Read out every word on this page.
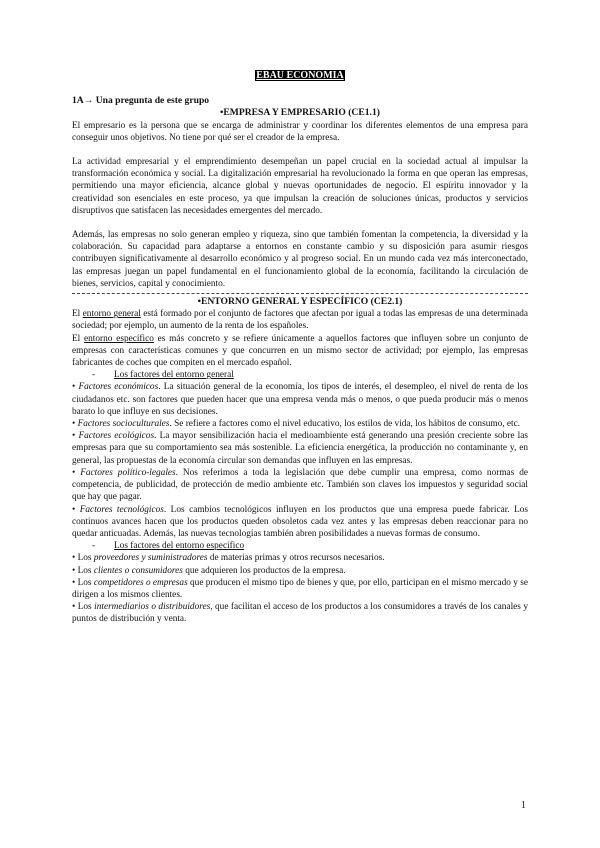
EBAU ECONOMIA
1A→ Una pregunta de este grupo
•EMPRESA Y EMPRESARIO (CE1.1)

El empresario es la persona que se encarga de administrar y coordinar los diferentes elementos de una empresa para conseguir unos objetivos. No tiene por qué ser el creador de la empresa.

La actividad empresarial y el emprendimiento desempeñan un papel crucial en la sociedad actual al impulsar la transformación económica y social. La digitalización empresarial ha revolucionado la forma en que operan las empresas, permitiendo una mayor eficiencia, alcance global y nuevas oportunidades de negocio. El espíritu innovador y la creatividad son esenciales en este proceso, ya que impulsan la creación de soluciones únicas, productos y servicios disruptivos que satisfacen las necesidades emergentes del mercado.

Además, las empresas no solo generan empleo y riqueza, sino que también fomentan la competencia, la diversidad y la colaboración. Su capacidad para adaptarse a entornos en constante cambio y su disposición para asumir riesgos contribuyen significativamente al desarrollo económico y al progreso social. En un mundo cada vez más interconectado, las empresas juegan un papel fundamental en el funcionamiento global de la economía, facilitando la circulación de bienes, servicios, capital y conocimiento.

•ENTORNO GENERAL Y ESPECÍFICO (CE2.1)

El entorno general está formado por el conjunto de factores que afectan por igual a todas las empresas de una determinada sociedad; por ejemplo, un aumento de la renta de los españoles.

El entorno específico es más concreto y se refiere únicamente a aquellos factores que influyen sobre un conjunto de empresas con características comunes y que concurren en un mismo sector de actividad; por ejemplo, las empresas fabricantes de coches que compiten en el mercado español.

- Los factores del entorno general

• Factores económicos. La situación general de la economía, los tipos de interés, el desempleo, el nivel de renta de los ciudadanos etc. son factores que pueden hacer que una empresa venda más o menos, o que pueda producir más o menos barato lo que influye en sus decisiones.

• Factores socioculturales. Se refiere a factores como el nivel educativo, los estilos de vida, los hábitos de consumo, etc.

• Factores ecológicos. La mayor sensibilización hacia el medioambiente está generando una presión creciente sobre las empresas para que su comportamiento sea más sostenible. La eficiencia energética, la producción no contaminante y, en general, las propuestas de la economía circular son demandas que influyen en las empresas.

• Factores político-legales. Nos referimos a toda la legislación que debe cumplir una empresa, como normas de competencia, de publicidad, de protección de medio ambiente etc. También son claves los impuestos y seguridad social que hay que pagar.

• Factores tecnológicos. Los cambios tecnológicos influyen en los productos que una empresa puede fabricar. Los continuos avances hacen que los productos queden obsoletos cada vez antes y las empresas deben reaccionar para no quedar anticuadas. Además, las nuevas tecnologías también abren posibilidades a nuevas formas de consumo.

- Los factores del entorno específico

• Los proveedores y suministradores de materias primas y otros recursos necesarios.

• Los clientes o consumidores que adquieren los productos de la empresa.

• Los competidores o empresas que producen el mismo tipo de bienes y que, por ello, participan en el mismo mercado y se dirigen a los mismos clientes.

• Los intermediarios o distribuidores, que facilitan el acceso de los productos a los consumidores a través de los canales y puntos de distribución y venta.

1
